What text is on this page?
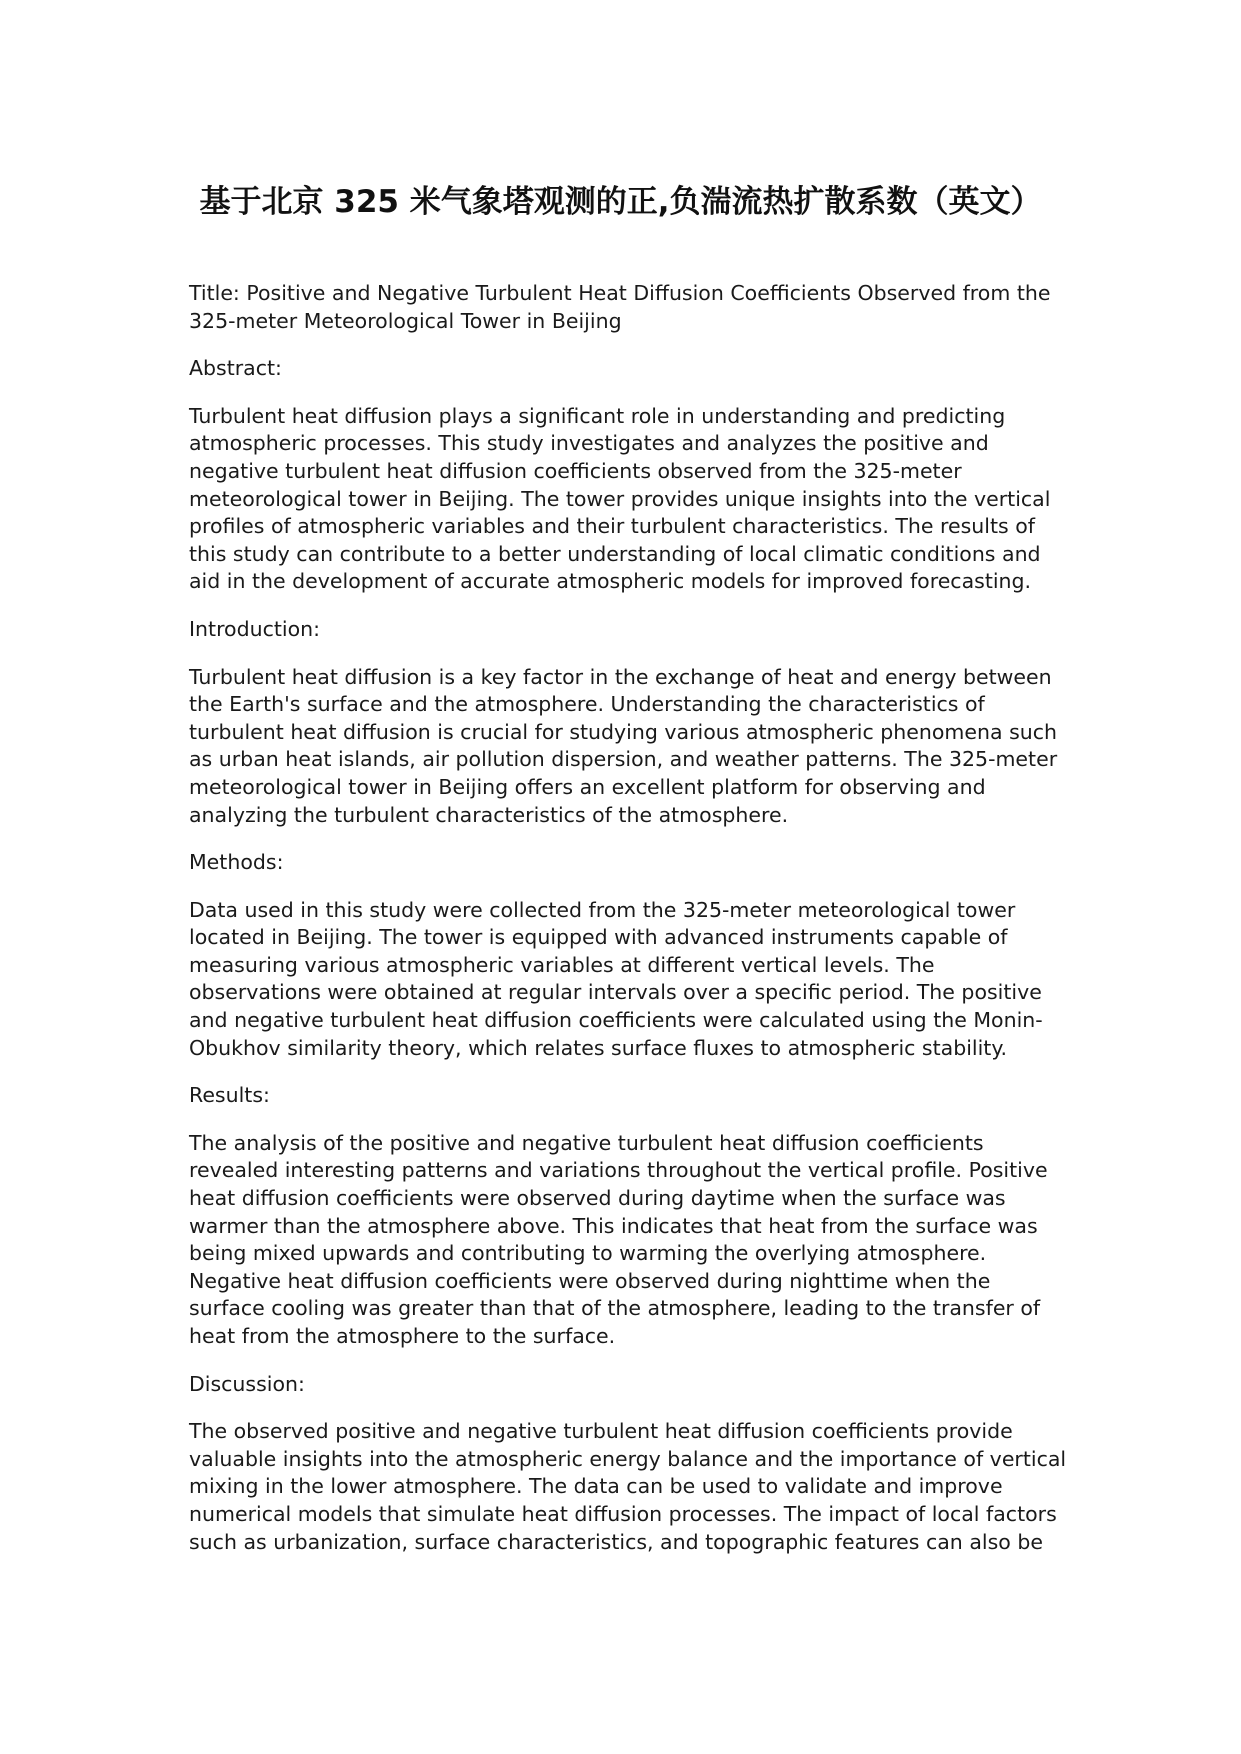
基于北京 325 米气象塔观测的正,负湍流热扩散系数（英文）

Title: Positive and Negative Turbulent Heat Diffusion Coefficients Observed from the 325-meter Meteorological Tower in Beijing

Abstract:

Turbulent heat diffusion plays a significant role in understanding and predicting atmospheric processes. This study investigates and analyzes the positive and negative turbulent heat diffusion coefficients observed from the 325-meter meteorological tower in Beijing. The tower provides unique insights into the vertical profiles of atmospheric variables and their turbulent characteristics. The results of this study can contribute to a better understanding of local climatic conditions and aid in the development of accurate atmospheric models for improved forecasting.

Introduction:

Turbulent heat diffusion is a key factor in the exchange of heat and energy between the Earth's surface and the atmosphere. Understanding the characteristics of turbulent heat diffusion is crucial for studying various atmospheric phenomena such as urban heat islands, air pollution dispersion, and weather patterns. The 325-meter meteorological tower in Beijing offers an excellent platform for observing and analyzing the turbulent characteristics of the atmosphere.

Methods:

Data used in this study were collected from the 325-meter meteorological tower located in Beijing. The tower is equipped with advanced instruments capable of measuring various atmospheric variables at different vertical levels. The observations were obtained at regular intervals over a specific period. The positive and negative turbulent heat diffusion coefficients were calculated using the Monin-Obukhov similarity theory, which relates surface fluxes to atmospheric stability.

Results:

The analysis of the positive and negative turbulent heat diffusion coefficients revealed interesting patterns and variations throughout the vertical profile. Positive heat diffusion coefficients were observed during daytime when the surface was warmer than the atmosphere above. This indicates that heat from the surface was being mixed upwards and contributing to warming the overlying atmosphere. Negative heat diffusion coefficients were observed during nighttime when the surface cooling was greater than that of the atmosphere, leading to the transfer of heat from the atmosphere to the surface.

Discussion:

The observed positive and negative turbulent heat diffusion coefficients provide valuable insights into the atmospheric energy balance and the importance of vertical mixing in the lower atmosphere. The data can be used to validate and improve numerical models that simulate heat diffusion processes. The impact of local factors such as urbanization, surface characteristics, and topographic features can also be
